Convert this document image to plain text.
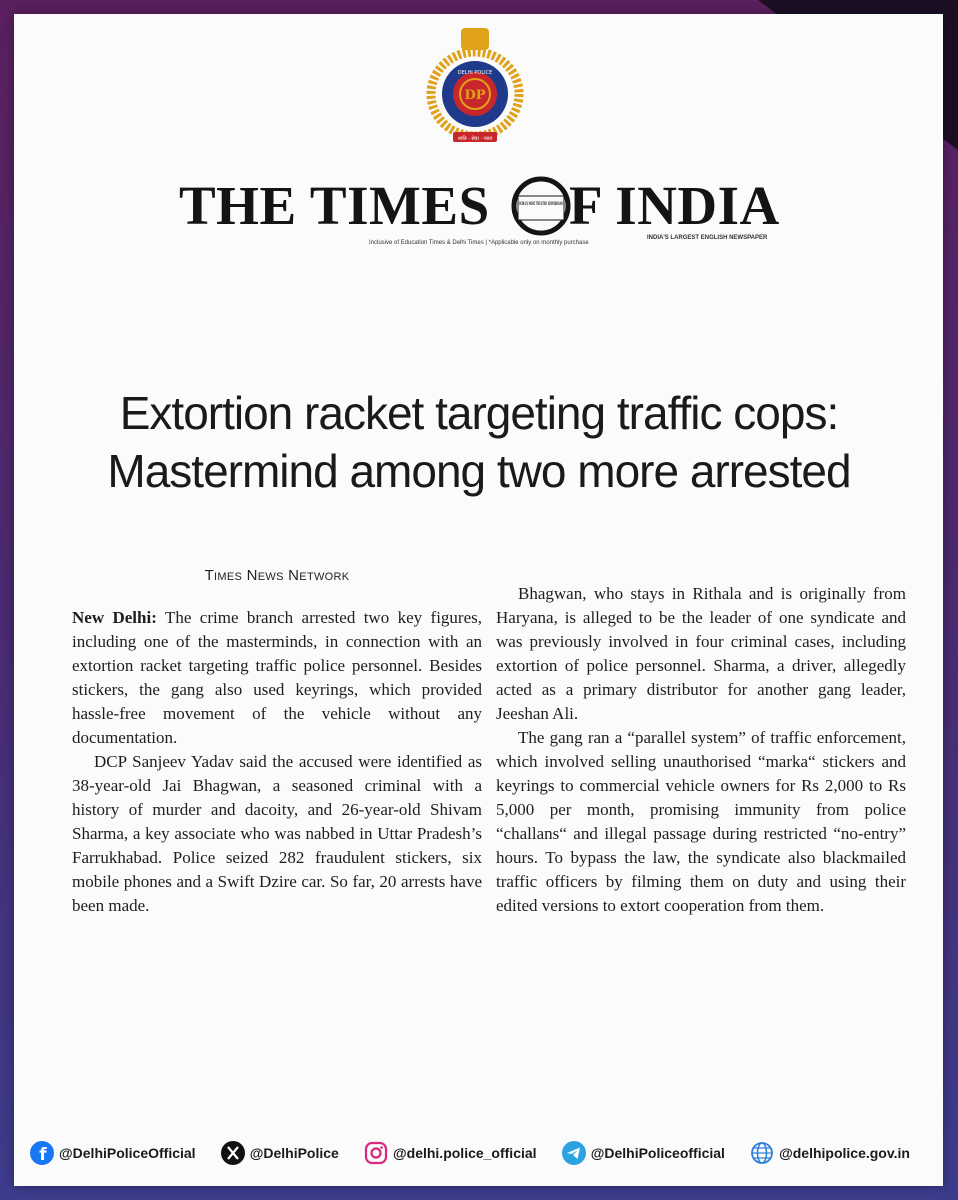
DP
DELHI POLICE
शांति · सेवा · न्याय
THE TIMES	INDIA'S MOST TRUSTED NEWSBRAND F INDIA
Inclusive of Education Times & Delhi Times | *Applicable only on monthly purchase
INDIA'S LARGEST ENGLISH NEWSPAPER
Extortion racket targeting traffic cops:
Mastermind among two more arrested
Times News Network

New Delhi: The crime branch arrested two key figures, including one of the masterminds, in connection with an extortion racket targeting traffic police personnel. Besides stickers, the gang also used keyrings, which provided hassle-free movement of the vehicle without any documentation.

DCP Sanjeev Yadav said the accused were identified as 38-year-old Jai Bhagwan, a seasoned criminal with a history of murder and dacoity, and 26-year-old Shivam Sharma, a key associate who was nabbed in Uttar Pradesh’s Farrukhabad. Police seized 282 fraudulent stickers, six mobile phones and a Swift Dzire car. So far, 20 arrests have been made.

Bhagwan, who stays in Rithala and is originally from Haryana, is alleged to be the leader of one syndicate and was previously involved in four criminal cases, including extortion of police personnel. Sharma, a driver, allegedly acted as a primary distributor for another gang leader, Jeeshan Ali.

The gang ran a “parallel system” of traffic enforcement, which involved selling unauthorised “marka“ stickers and keyrings to commercial vehicle owners for Rs 2,000 to Rs 5,000 per month, promising immunity from police “challans“ and illegal passage during restricted “no-entry” hours. To bypass the law, the syndicate also blackmailed traffic officers by filming them on duty and using their edited versions to extort cooperation from them.

f @DelhiPoliceOfficial	@DelhiPolice	@delhi.police_official	@DelhiPoliceofficial	@delhipolice.gov.in
